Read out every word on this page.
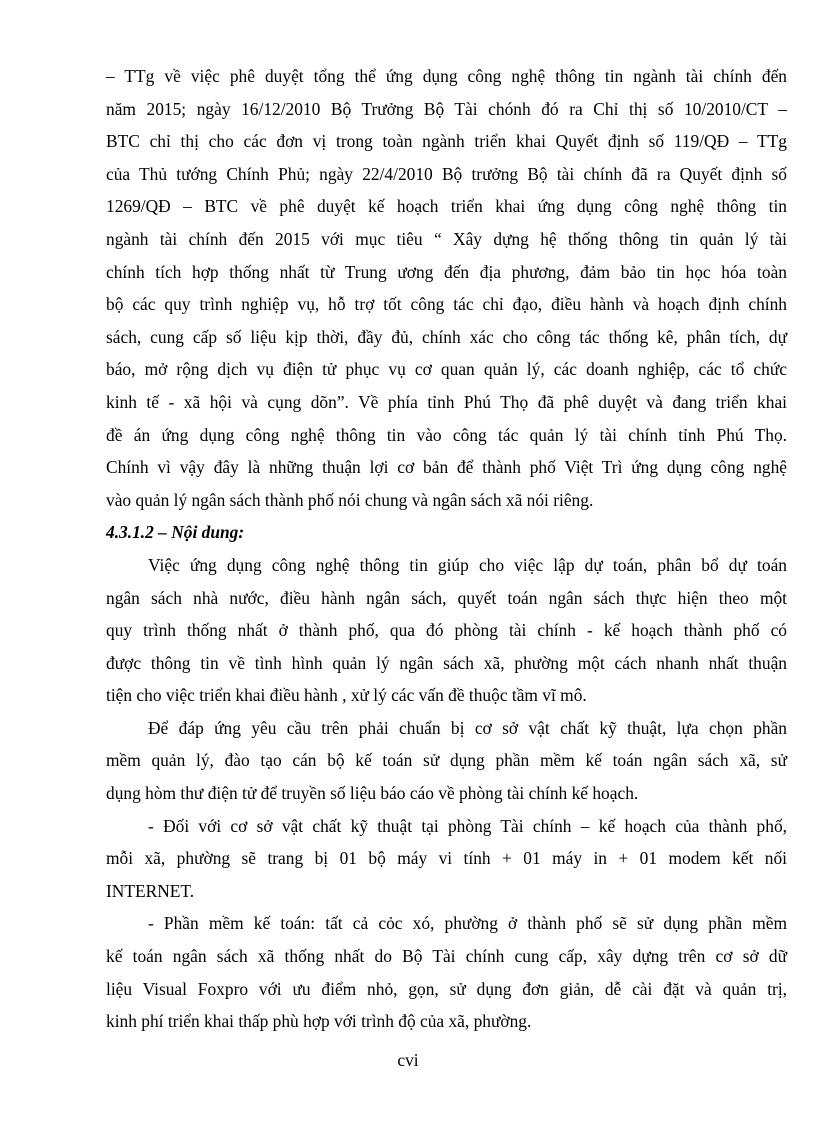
– TTg về việc phê duyệt tổng thể ứng dụng công nghệ thông tin ngành tài chính đến
năm 2015; ngày 16/12/2010 Bộ Trưởng Bộ Tài chónh đó ra Chỉ thị số 10/2010/CT –
BTC chỉ thị cho các đơn vị trong toàn ngành triển khai Quyết định số 119/QĐ – TTg
của Thủ tướng Chính Phủ; ngày 22/4/2010 Bộ trưởng Bộ tài chính đã ra Quyết định số
1269/QĐ – BTC về phê duyệt kế hoạch triển khai ứng dụng công nghệ thông tin
ngành tài chính đến 2015 với mục tiêu “ Xây dựng hệ thống thông tin quản lý tài
chính tích hợp thống nhất từ Trung ương đến địa phương, đảm bảo tin học hóa toàn
bộ các quy trình nghiệp vụ, hỗ trợ tốt công tác chỉ đạo, điều hành và hoạch định chính
sách, cung cấp số liệu kịp thời, đầy đủ, chính xác cho công tác thống kê, phân tích, dự
báo, mở rộng dịch vụ điện tử phục vụ cơ quan quản lý, các doanh nghiệp, các tổ chức
kinh tế - xã hội và cụng dõn”. Về phía tỉnh Phú Thọ đã phê duyệt và đang triển khai
đề án ứng dụng công nghệ thông tin vào công tác quản lý tài chính tỉnh Phú Thọ.
Chính vì vậy đây là những thuận lợi cơ bản để thành phố Việt Trì ứng dụng công nghệ
vào quản lý ngân sách thành phố nói chung và ngân sách xã nói riêng.
4.3.1.2 – Nội dung:
Việc ứng dụng công nghệ thông tin giúp cho việc lập dự toán, phân bổ dự toán
ngân sách nhà nước, điều hành ngân sách, quyết toán ngân sách thực hiện theo một
quy trình thống nhất ở thành phố, qua đó phòng tài chính - kế hoạch thành phố có
được thông tin về tình hình quản lý ngân sách xã, phường một cách nhanh nhất thuận
tiện cho việc triển khai điều hành , xử lý các vấn đề thuộc tầm vĩ mô.
Để đáp ứng yêu cầu trên phải chuẩn bị cơ sở vật chất kỹ thuật, lựa chọn phần
mềm quản lý, đào tạo cán bộ kế toán sử dụng phần mềm kế toán ngân sách xã, sử
dụng hòm thư điện tử để truyền số liệu báo cáo về phòng tài chính kế hoạch.
- Đối với cơ sở vật chất kỹ thuật tại phòng Tài chính – kế hoạch của thành phố,
mỗi xã, phường sẽ trang bị 01 bộ máy vi tính + 01 máy in + 01 modem kết nối
INTERNET.
- Phần mềm kế toán: tất cả cỏc xó, phường ở thành phố sẽ sử dụng phần mềm
kế toán ngân sách xã thống nhất do Bộ Tài chính cung cấp, xây dựng trên cơ sở dữ
liệu Visual Foxpro với ưu điểm nhỏ, gọn, sử dụng đơn giản, dễ cài đặt và quản trị,
kinh phí triển khai thấp phù hợp với trình độ của xã, phường.
cvi
